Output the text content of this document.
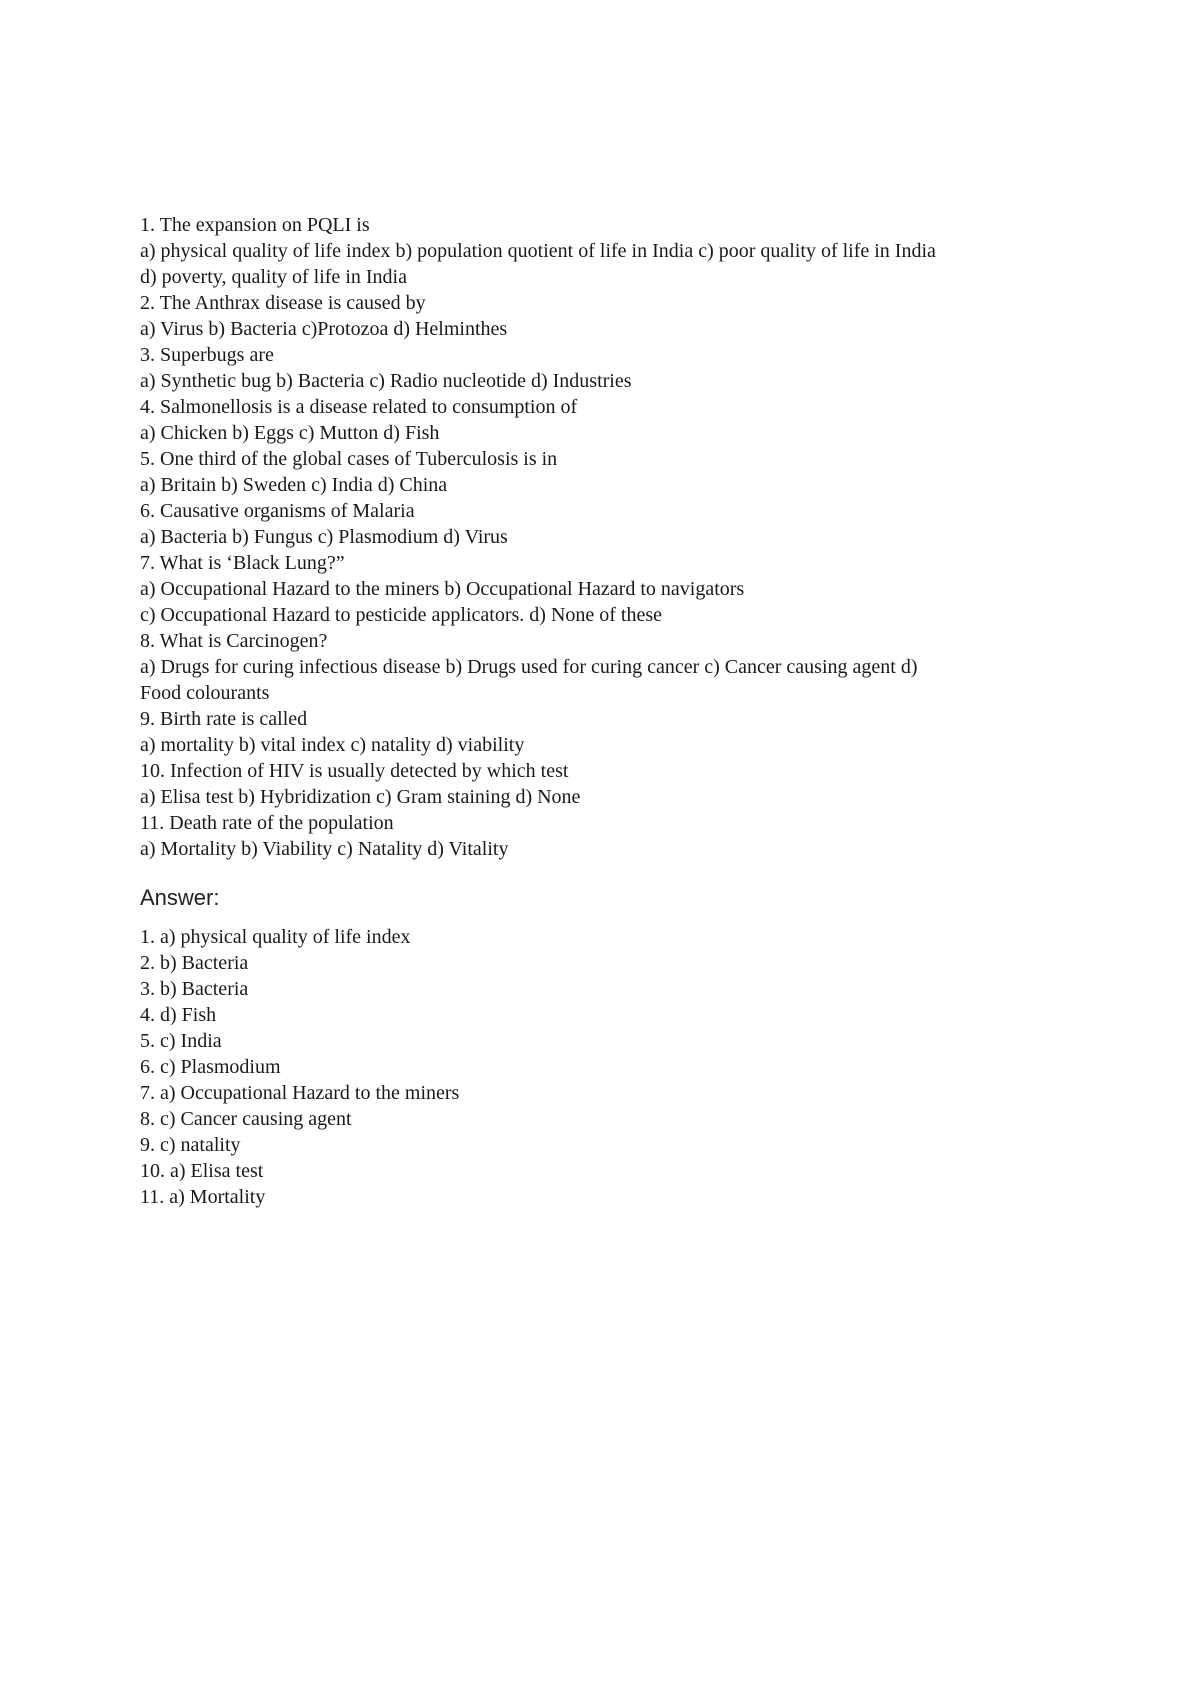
1. The expansion on PQLI is
a) physical quality of life index b) population quotient of life in India c) poor quality of life in India
d) poverty, quality of life in India
2. The Anthrax disease is caused by
a) Virus b) Bacteria c)Protozoa d) Helminthes
3. Superbugs are
a) Synthetic bug b) Bacteria c) Radio nucleotide d) Industries
4. Salmonellosis is a disease related to consumption of
a) Chicken b) Eggs c) Mutton d) Fish
5. One third of the global cases of Tuberculosis is in
a) Britain b) Sweden c) India d) China
6. Causative organisms of Malaria
a) Bacteria b) Fungus c) Plasmodium d) Virus
7. What is ‘Black Lung?”
a) Occupational Hazard to the miners b) Occupational Hazard to navigators
c) Occupational Hazard to pesticide applicators. d) None of these
8. What is Carcinogen?
a) Drugs for curing infectious disease b) Drugs used for curing cancer c) Cancer causing agent d)
Food colourants
9. Birth rate is called
a) mortality b) vital index c) natality d) viability
10. Infection of HIV is usually detected by which test
a) Elisa test b) Hybridization c) Gram staining d) None
11. Death rate of the population
a) Mortality b) Viability c) Natality d) Vitality
Answer:
1. a) physical quality of life index
2. b) Bacteria
3. b) Bacteria
4. d) Fish
5. c) India
6. c) Plasmodium
7. a) Occupational Hazard to the miners
8. c) Cancer causing agent
9. c) natality
10. a) Elisa test
11. a) Mortality
